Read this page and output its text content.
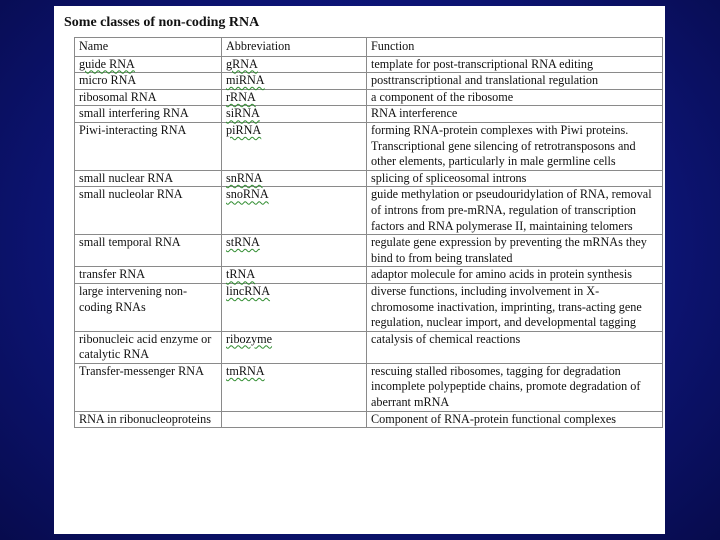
Some classes of non-coding RNA
Name	Abbreviation	Function
guide RNA	gRNA	template for post-transcriptional RNA editing
micro RNA	miRNA	posttranscriptional and translational regulation
ribosomal RNA	rRNA	a component of the ribosome
small interfering RNA	siRNA	RNA interference
Piwi-interacting RNA	piRNA	forming RNA-protein complexes with Piwi proteins. Transcriptional gene silencing of retrotransposons and other elements, particularly in male germline cells
small nuclear RNA	snRNA	splicing of spliceosomal introns
small nucleolar RNA	snoRNA	guide methylation or pseudouridylation of RNA, removal of introns from pre-mRNA, regulation of transcription factors and RNA polymerase II, maintaining telomers
small temporal RNA	stRNA	regulate gene expression by preventing the mRNAs they bind to from being translated
transfer RNA	tRNA	adaptor molecule for amino acids in protein synthesis
large intervening non-coding RNAs	lincRNA	diverse functions, including involvement in X-chromosome inactivation, imprinting, trans-acting gene regulation, nuclear import, and developmental tagging
ribonucleic acid enzyme or catalytic RNA	ribozyme	catalysis of chemical reactions
Transfer-messenger RNA	tmRNA	rescuing stalled ribosomes, tagging for degradation incomplete polypeptide chains, promote degradation of aberrant mRNA
RNA in ribonucleoproteins		Component of RNA-protein functional complexes
